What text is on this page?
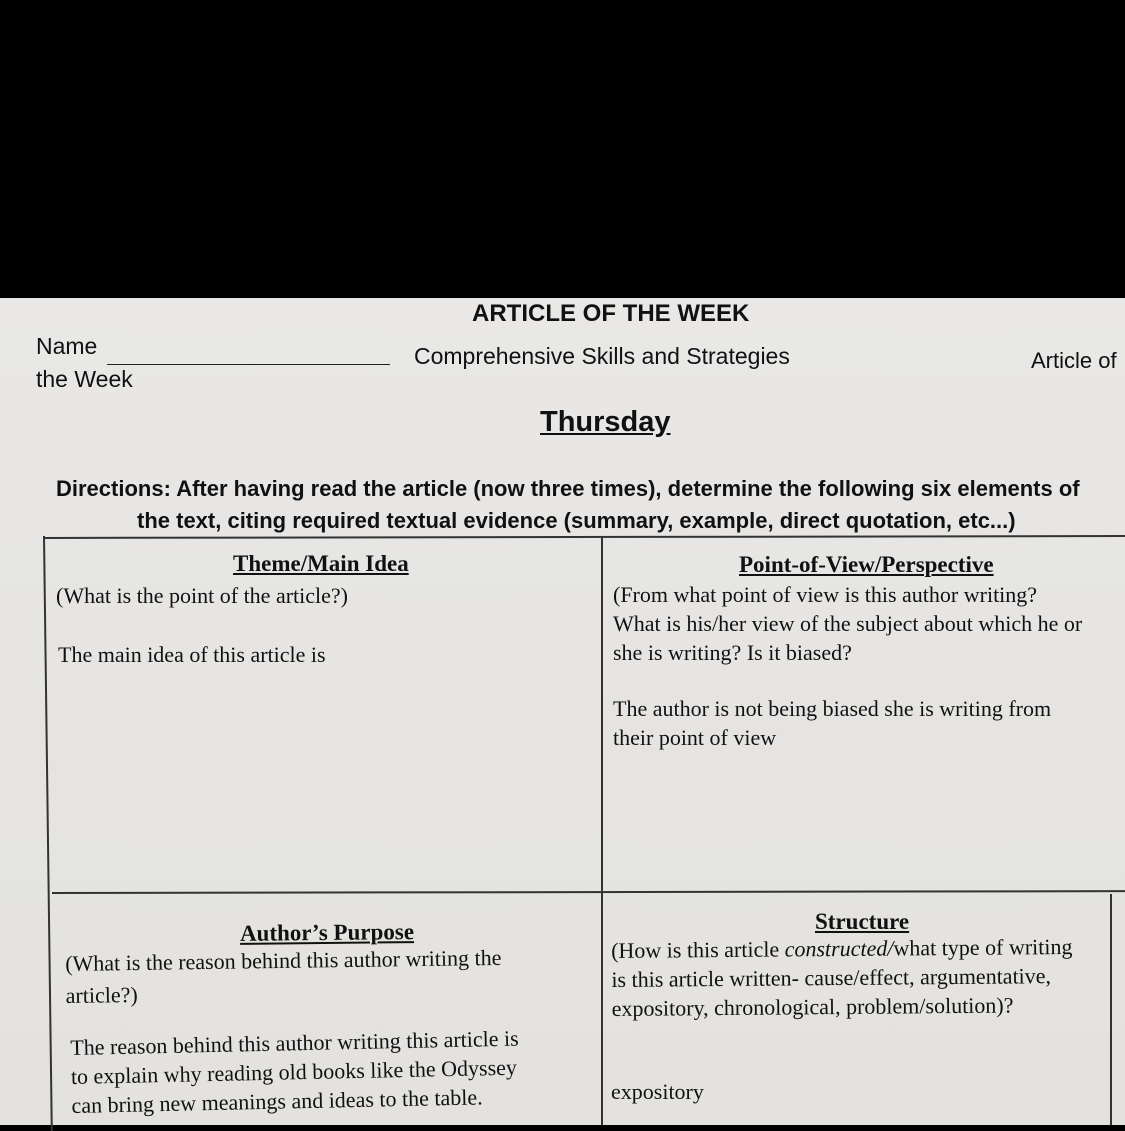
ARTICLE OF THE WEEK
Name
the Week
Comprehensive Skills and Strategies	Article of
Thursday
Directions: After having read the article (now three times), determine the following six elements of
the text, citing required textual evidence (summary, example, direct quotation, etc...)
Theme/Main Idea
(What is the point of the article?)
The main idea of this article is
Point-of-View/Perspective
(From what point of view is this author writing?
What is his/her view of the subject about which he or
she is writing? Is it biased?
The author is not being biased she is writing from
their point of view
Author’s Purpose
(What is the reason behind this author writing the
article?)
The reason behind this author writing this article is
to explain why reading old books like the Odyssey
can bring new meanings and ideas to the table.
Structure
(How is this article constructed/what type of writing
is this article written- cause/effect, argumentative,
expository, chronological, problem/solution)?
expository
